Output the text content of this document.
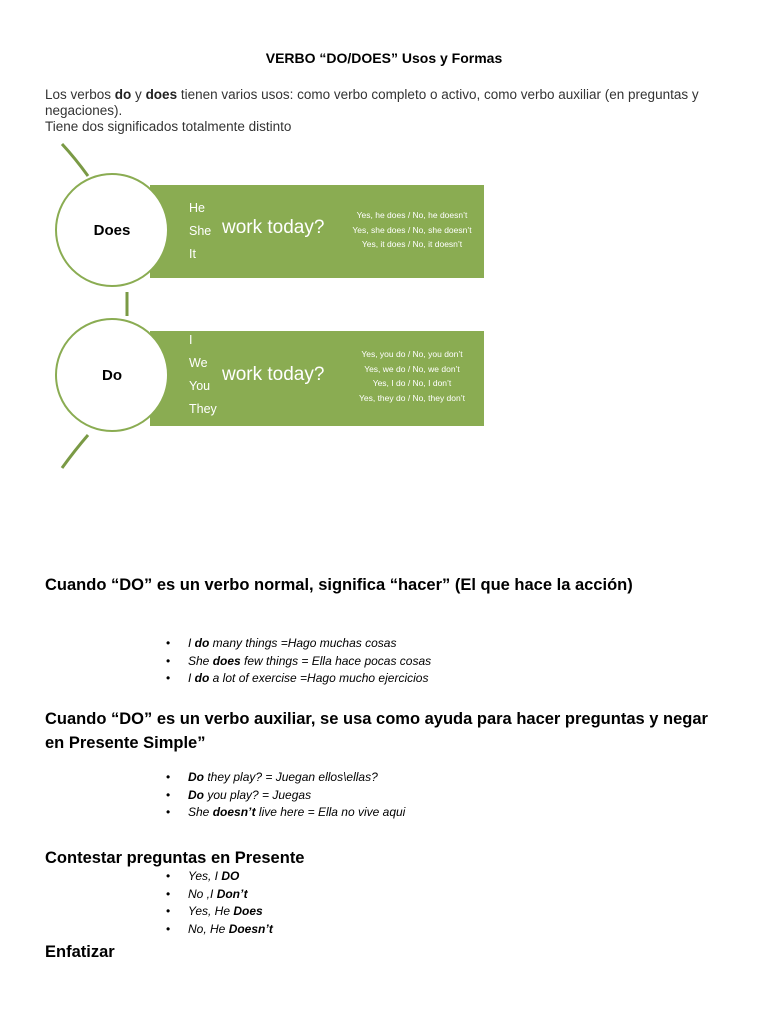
VERBO “DO/DOES” Usos y Formas
Los verbos do y does tienen varios usos: como verbo completo o activo, como verbo auxiliar (en preguntas y negaciones).
Tiene dos significados totalmente distinto
Does
He
She
It
work today?
Yes, he does / No, he doesn’t
Yes, she does / No, she doesn’t
Yes, it does / No, it doesn’t
Do
I
We
You
They
work today?
Yes, you do / No, you don’t
Yes, we do / No, we don’t
Yes, I do / No, I don’t
Yes, they do / No, they don’t
Cuando “DO” es un verbo normal, significa “hacer” (El que hace la acción)
• I do many things =Hago muchas cosas
• She does few things = Ella hace pocas cosas
• I do a lot of exercise =Hago mucho ejercicios
Cuando “DO” es un verbo auxiliar, se usa como ayuda para hacer preguntas y negar en Presente Simple”
• Do they play? = Juegan ellos\ellas?
• Do you play? = Juegas
• She doesn’t live here = Ella no vive aqui
Contestar preguntas en Presente
• Yes, I DO
• No ,I Don’t
• Yes, He Does
• No, He Doesn’t
Enfatizar
